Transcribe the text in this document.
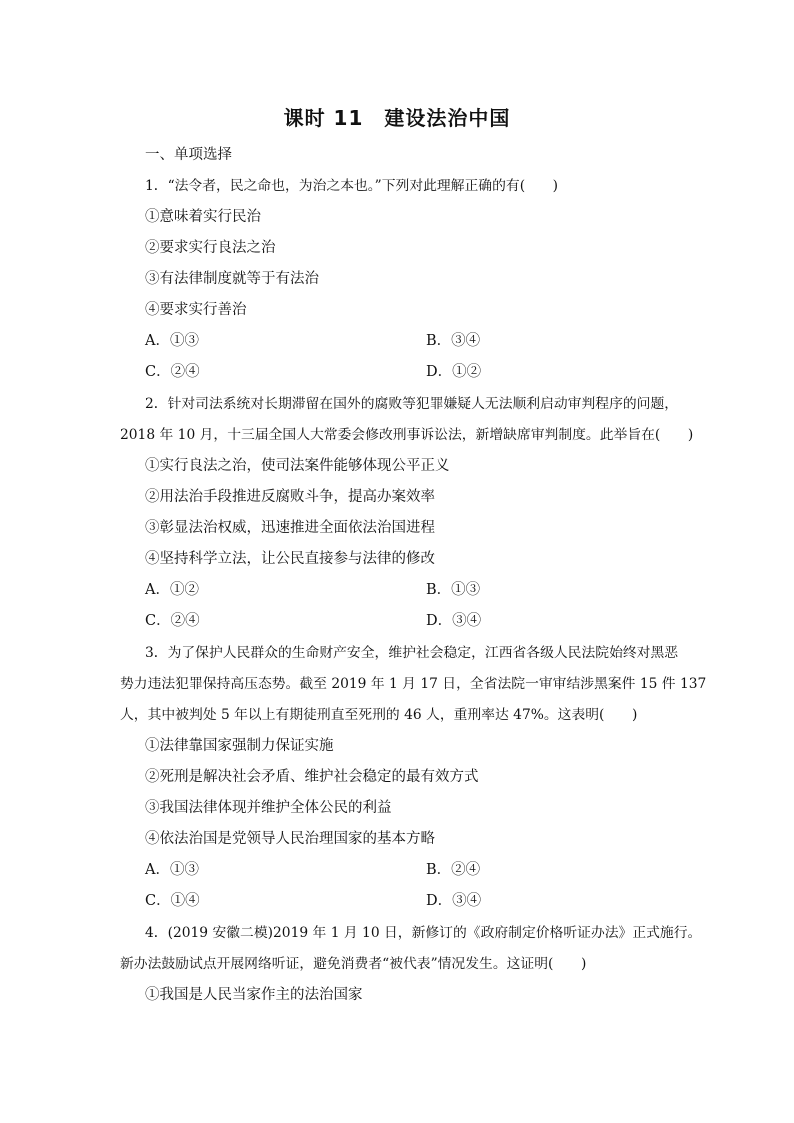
课时 11　建设法治中国
一、单项选择
1．“法令者，民之命也，为治之本也。”下列对此理解正确的有(　　)
①意味着实行民治
②要求实行良法之治
③有法律制度就等于有法治
④要求实行善治
A．①③	B．③④
C．②④	D．①②
2．针对司法系统对长期滞留在国外的腐败等犯罪嫌疑人无法顺利启动审判程序的问题，
2018 年 10 月，十三届全国人大常委会修改刑事诉讼法，新增缺席审判制度。此举旨在(　　)
①实行良法之治，使司法案件能够体现公平正义
②用法治手段推进反腐败斗争，提高办案效率
③彰显法治权威，迅速推进全面依法治国进程
④坚持科学立法，让公民直接参与法律的修改
A．①②	B．①③
C．②④	D．③④
3．为了保护人民群众的生命财产安全，维护社会稳定，江西省各级人民法院始终对黑恶
势力违法犯罪保持高压态势。截至 2019 年 1 月 17 日，全省法院一审审结涉黑案件 15 件 137
人，其中被判处 5 年以上有期徒刑直至死刑的 46 人，重刑率达 47%。这表明(　　)
①法律靠国家强制力保证实施
②死刑是解决社会矛盾、维护社会稳定的最有效方式
③我国法律体现并维护全体公民的利益
④依法治国是党领导人民治理国家的基本方略
A．①③	B．②④
C．①④	D．③④
4．(2019 安徽二模)2019 年 1 月 10 日，新修订的《政府制定价格听证办法》正式施行。
新办法鼓励试点开展网络听证，避免消费者“被代表”情况发生。这证明(　　)
①我国是人民当家作主的法治国家
